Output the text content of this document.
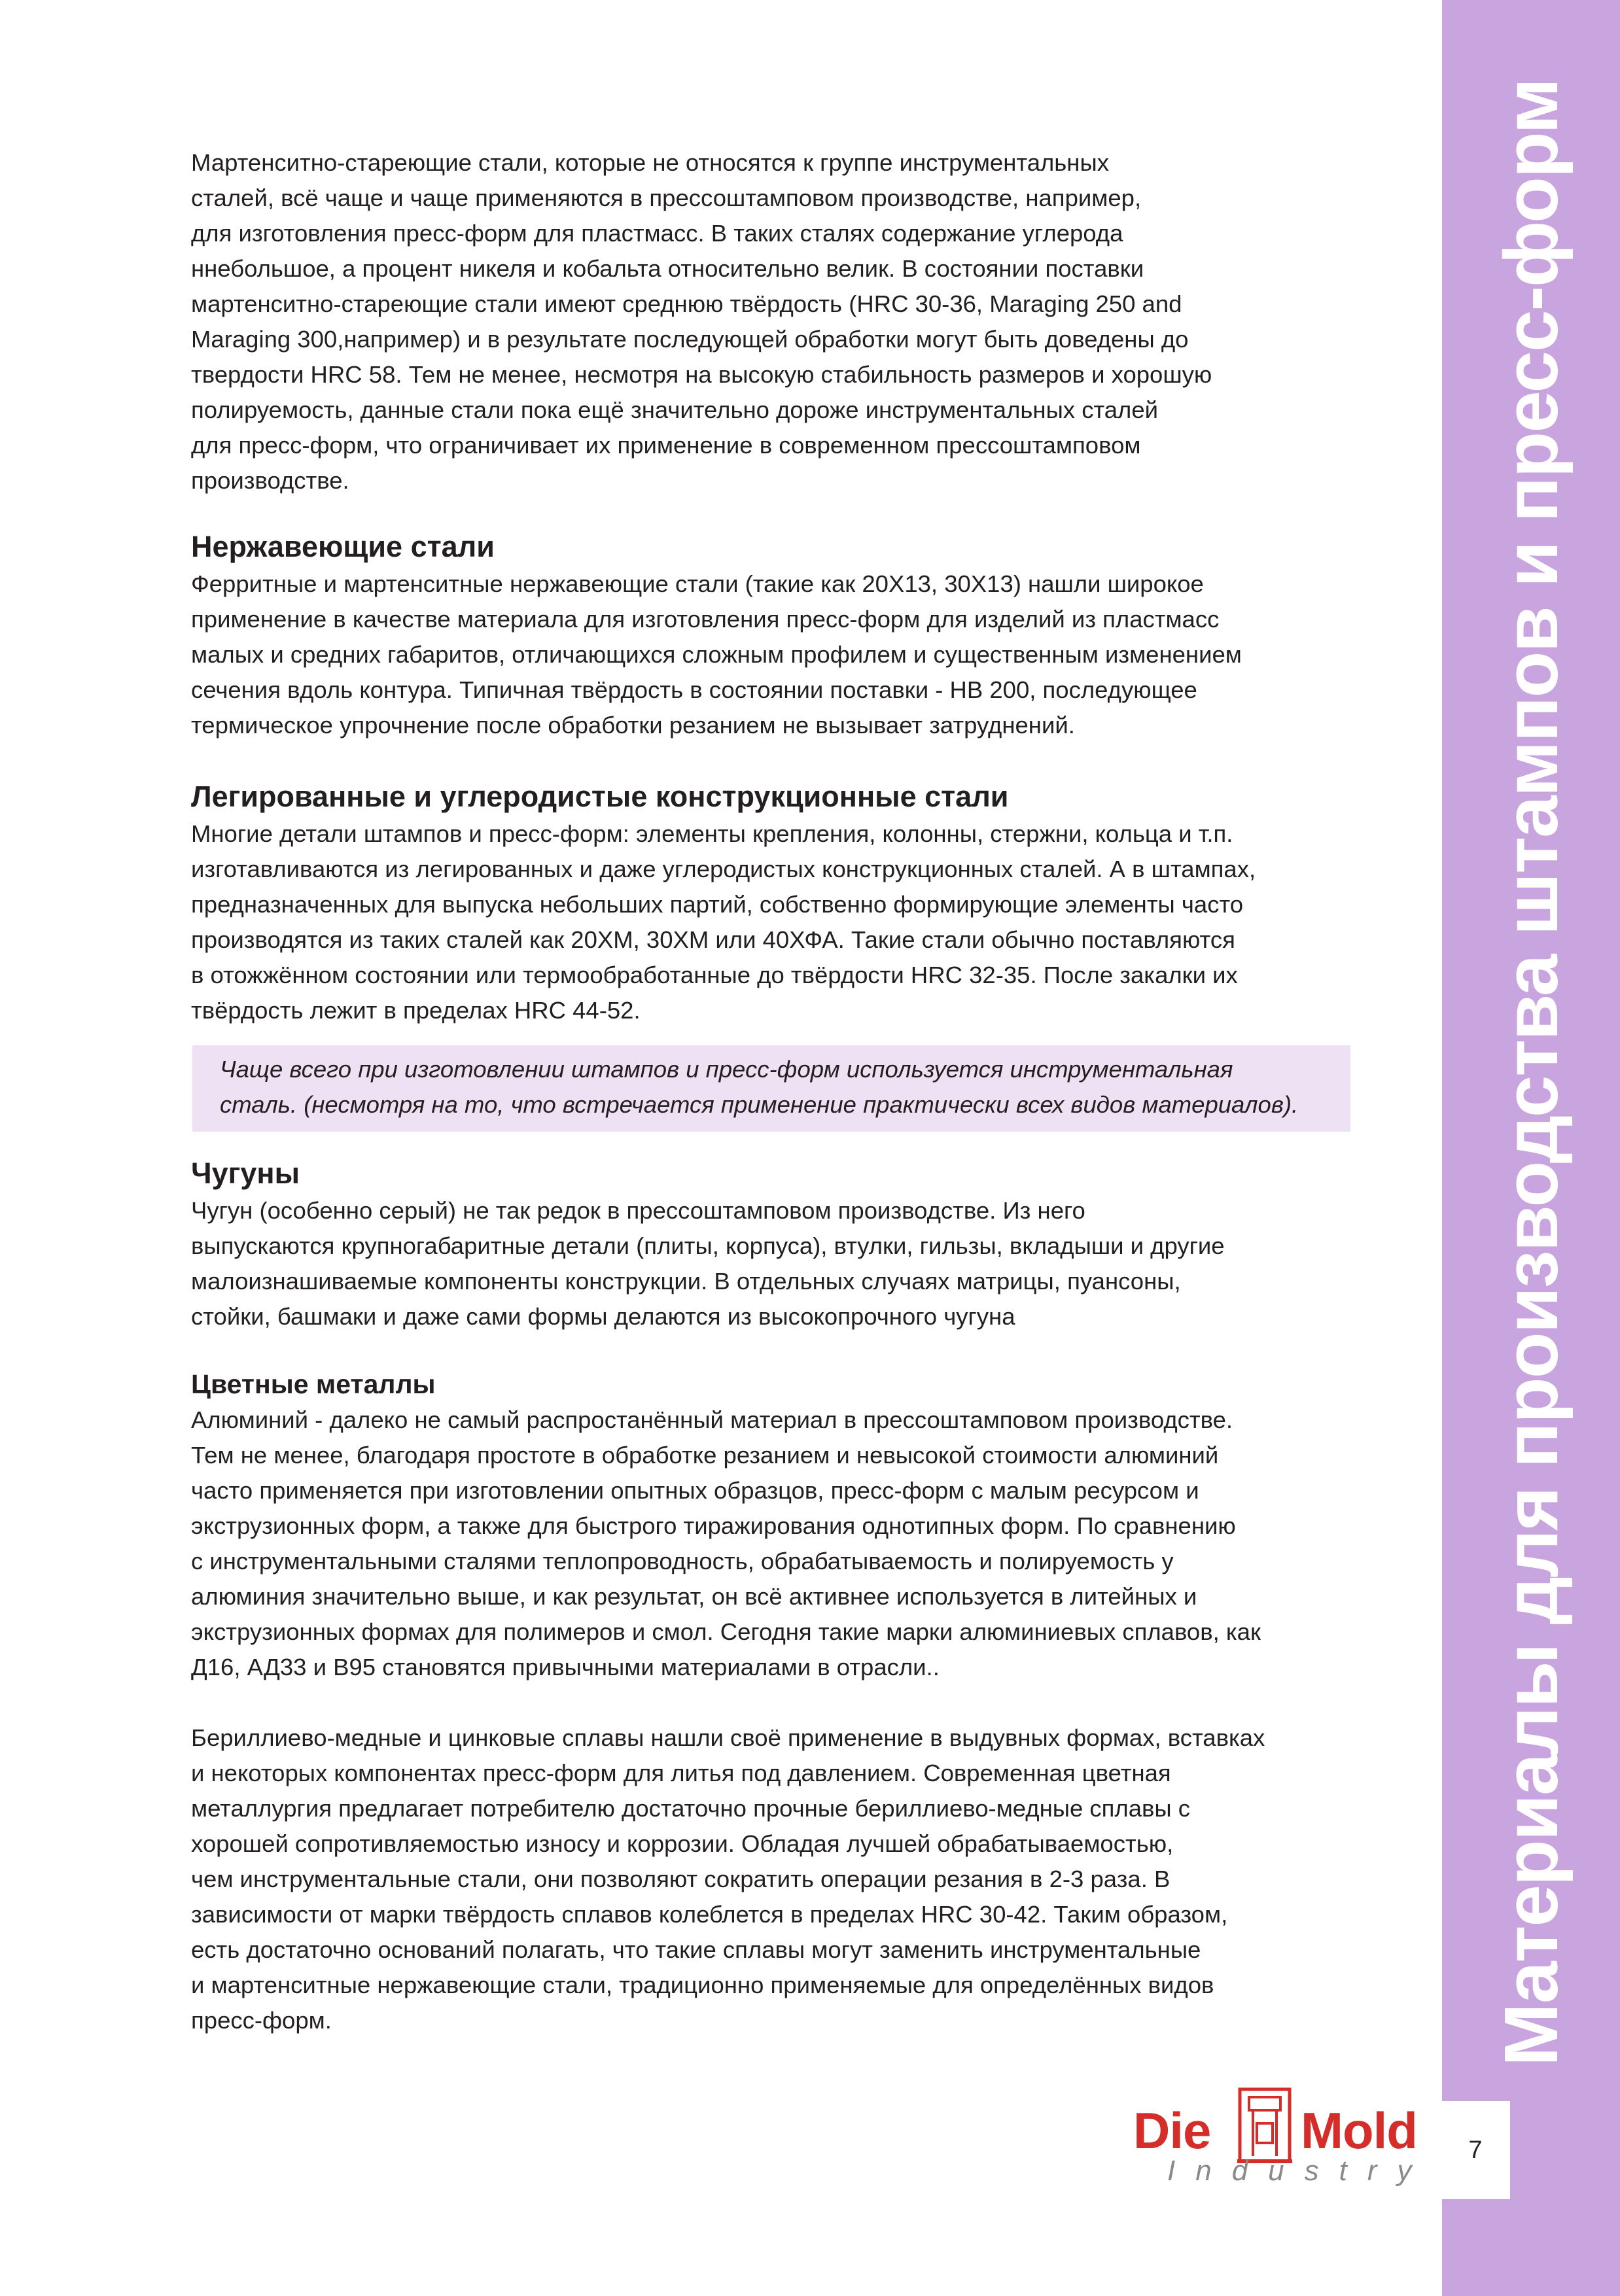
Материалы для производства штампов и пресс-форм

Мартенситно-стареющие стали, которые не относятся к группе инструментальных
сталей, всё чаще и чаще применяются в прессоштамповом производстве, например,
для изготовления пресс-форм для пластмасс. В таких сталях содержание углерода
ннебольшое, а процент никеля и кобальта относительно велик. В состоянии поставки
мартенситно-стареющие стали имеют среднюю твёрдость (HRC 30-36, Maraging 250 and
Maraging 300,например) и в результате последующей обработки могут быть доведены до
твердости HRC 58. Тем не менее, несмотря на высокую стабильность размеров и хорошую
полируемость, данные стали пока ещё значительно дороже инструментальных сталей
для пресс-форм, что ограничивает их применение в современном прессоштамповом
производстве.

Нержавеющие стали

Ферритные и мартенситные нержавеющие стали (такие как 20Х13, 30Х13) нашли широкое
применение в качестве материала для изготовления пресс-форм для изделий из пластмасс
малых и средних габаритов, отличающихся сложным профилем и существенным изменением
сечения вдоль контура. Типичная твёрдость в состоянии поставки - НВ 200, последующее
термическое упрочнение после обработки резанием не вызывает затруднений.

Легированные и углеродистые конструкционные стали

Многие детали штампов и пресс-форм: элементы крепления, колонны, стержни, кольца и т.п.
изготавливаются из легированных и даже углеродистых конструкционных сталей. А в штампах,
предназначенных для выпуска небольших партий, собственно формирующие элементы часто
производятся из таких сталей как 20ХМ, 30ХМ или 40ХФА. Такие стали обычно поставляются
в отожжённом состоянии или термообработанные до твёрдости HRC 32-35. После закалки их
твёрдость лежит в пределах HRC 44-52.

Чаще всего при изготовлении штампов и пресс-форм используется инструментальная
сталь. (несмотря на то, что встречается применение практически всех видов материалов).

Чугуны

Чугун (особенно серый) не так редок в прессоштамповом производстве. Из него
выпускаются крупногабаритные детали (плиты, корпуса), втулки, гильзы, вкладыши и другие
малоизнашиваемые компоненты конструкции. В отдельных случаях матрицы, пуансоны,
стойки, башмаки и даже сами формы делаются из высокопрочного чугуна

Цветные металлы

Алюминий - далеко не самый распростанённый материал в прессоштамповом производстве.
Тем не менее, благодаря простоте в обработке резанием и невысокой стоимости алюминий
часто применяется при изготовлении опытных образцов, пресс-форм с малым ресурсом и
экструзионных форм, а также для быстрого тиражирования однотипных форм. По сравнению
с инструментальными сталями теплопроводность, обрабатываемость и полируемость у
алюминия значительно выше, и как результат, он всё активнее используется в литейных и
экструзионных формах для полимеров и смол. Сегодня такие марки алюминиевых сплавов, как
Д16, АД33 и В95 становятся привычными материалами в отрасли..

Бериллиево-медные и цинковые сплавы нашли своё применение в выдувных формах, вставках
и некоторых компонентах пресс-форм для литья под давлением. Современная цветная
металлургия предлагает потребителю достаточно прочные бериллиево-медные сплавы с
хорошей сопротивляемостью износу и коррозии. Обладая лучшей обрабатываемостью,
чем инструментальные стали, они позволяют сократить операции резания в 2-3 раза. В
зависимости от марки твёрдость сплавов колеблется в пределах HRC 30-42. Таким образом,
есть достаточно оснований полагать, что такие сплавы могут заменить инструментальные
и мартенситные нержавеющие стали, традиционно применяемые для определённых видов
пресс-форм.

Die Mold
Industry
7
